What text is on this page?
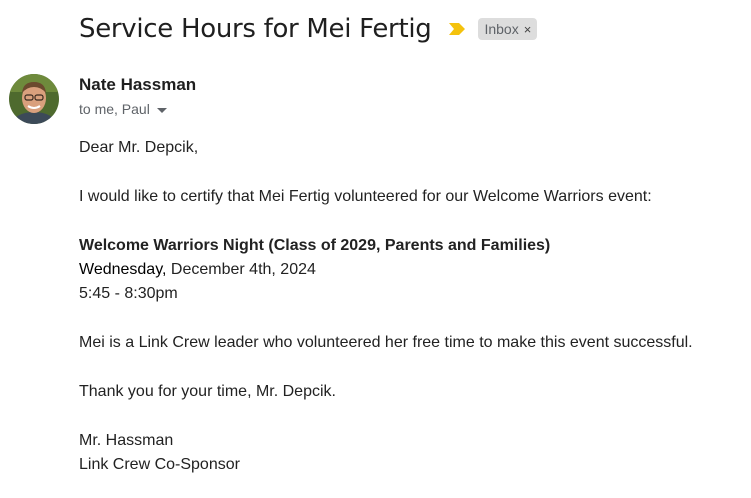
Service Hours for Mei Fertig	Inbox ×
Nate Hassman
to me, Paul

Dear Mr. Depcik,

I would like to certify that Mei Fertig volunteered for our Welcome Warriors event:

Welcome Warriors Night (Class of 2029, Parents and Families)

Wednesday, December 4th, 2024

5:45 - 8:30pm

Mei is a Link Crew leader who volunteered her free time to make this event successful.

Thank you for your time, Mr. Depcik.

Mr. Hassman

Link Crew Co-Sponsor
